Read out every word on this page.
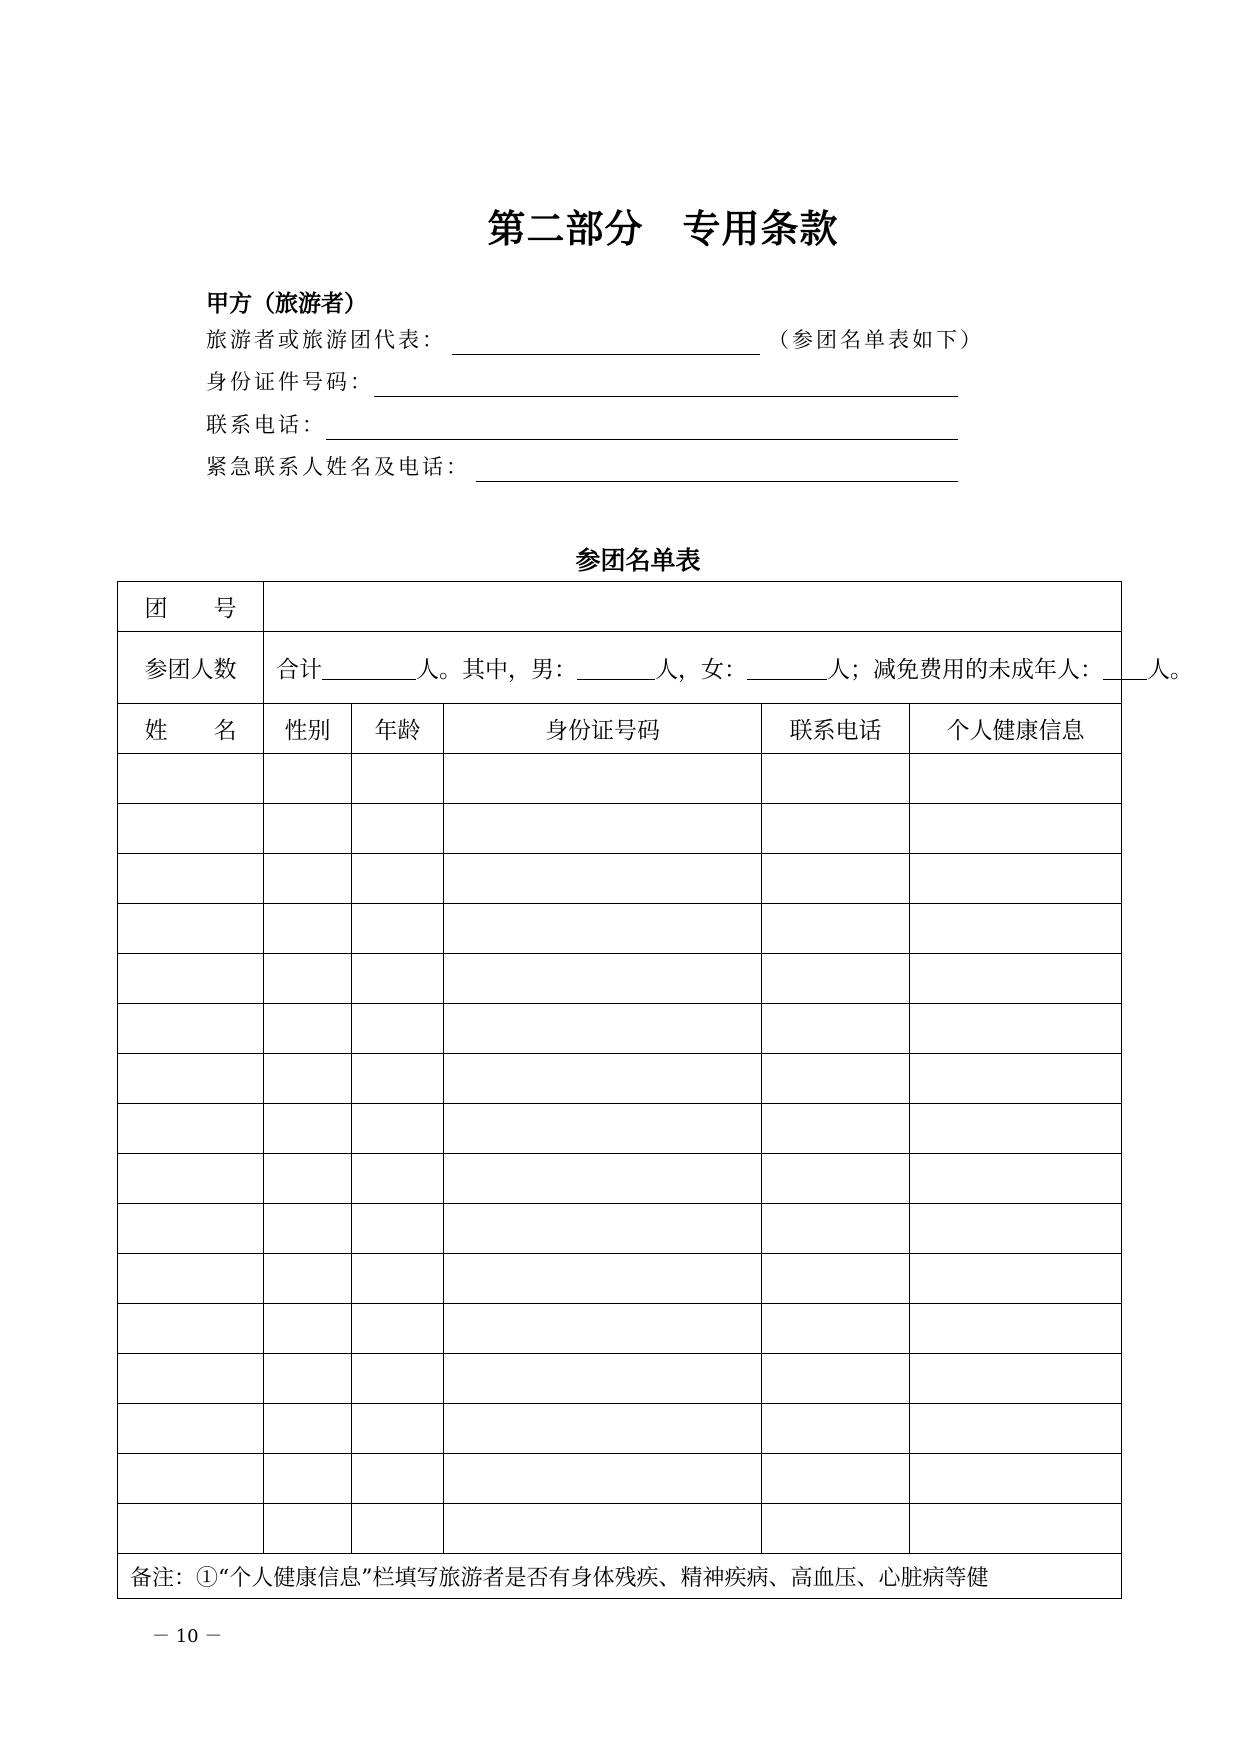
第二部分　专用条款
甲方（旅游者）
旅游者或旅游团代表：	（参团名单表如下）
身份证件号码：
联系电话：
紧急联系人姓名及电话：
参团名单表
团　　号					
参团人数	合计 人。其中，男： 人，女： 人；减免费用的未成年人： 人。				
姓　　名	性别	年龄	身份证号码	联系电话	个人健康信息

备注：①“个人健康信息”栏填写旅游者是否有身体残疾、精神疾病、高血压、心脏病等健					
－ 10 －
